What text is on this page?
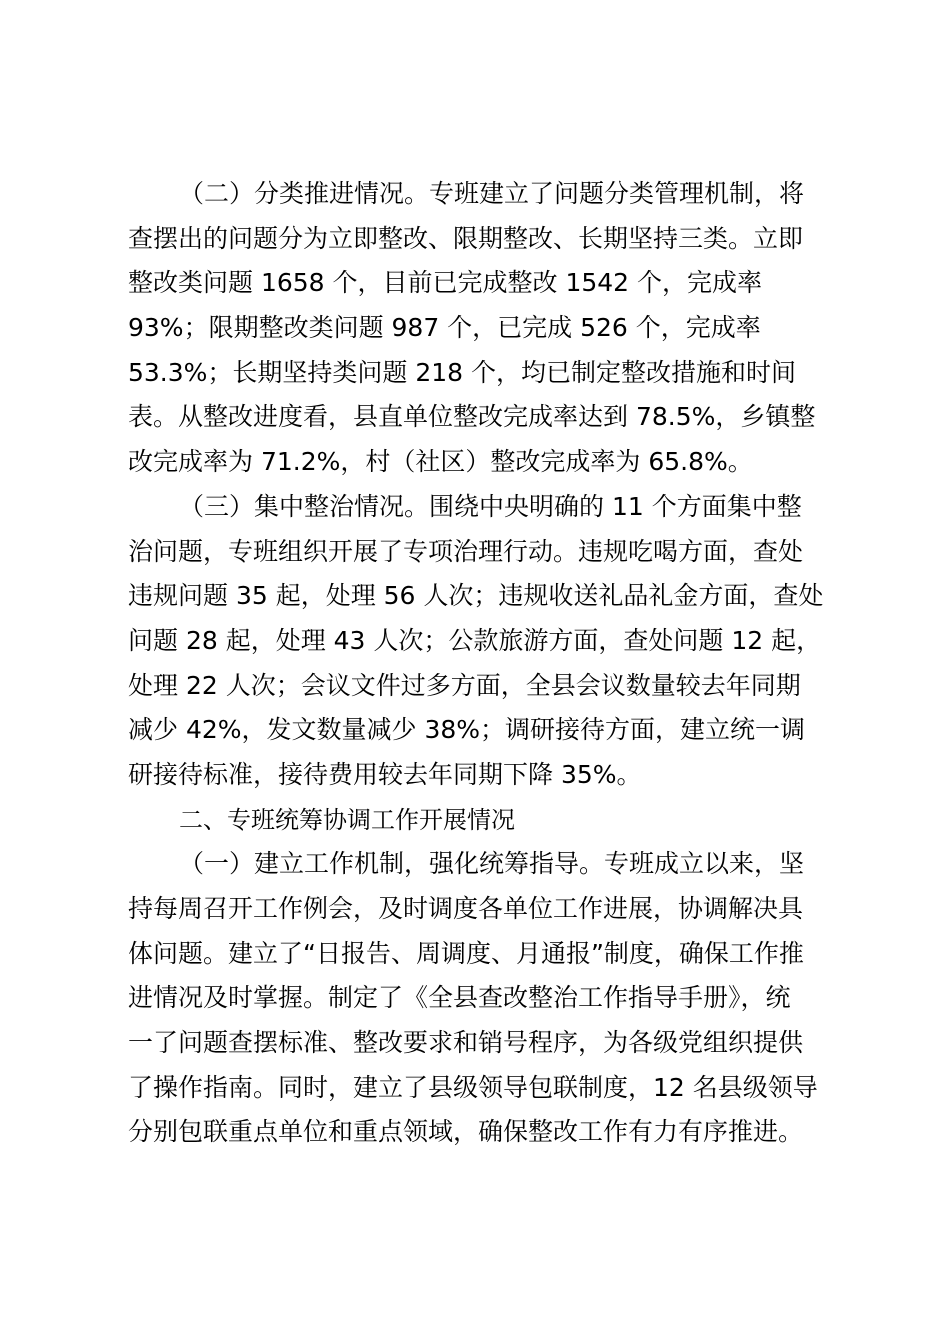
（二）分类推进情况。专班建立了问题分类管理机制，将
查摆出的问题分为立即整改、限期整改、长期坚持三类。立即
整改类问题 1658 个，目前已完成整改 1542 个，完成率
93%；限期整改类问题 987 个，已完成 526 个，完成率
53.3%；长期坚持类问题 218 个，均已制定整改措施和时间
表。从整改进度看，县直单位整改完成率达到 78.5%，乡镇整
改完成率为 71.2%，村（社区）整改完成率为 65.8%。
（三）集中整治情况。围绕中央明确的 11 个方面集中整
治问题，专班组织开展了专项治理行动。违规吃喝方面，查处
违规问题 35 起，处理 56 人次；违规收送礼品礼金方面，查处
问题 28 起，处理 43 人次；公款旅游方面，查处问题 12 起，
处理 22 人次；会议文件过多方面，全县会议数量较去年同期
减少 42%，发文数量减少 38%；调研接待方面，建立统一调
研接待标准，接待费用较去年同期下降 35%。
二、专班统筹协调工作开展情况
（一）建立工作机制，强化统筹指导。专班成立以来，坚
持每周召开工作例会，及时调度各单位工作进展，协调解决具
体问题。建立了“日报告、周调度、月通报”制度，确保工作推
进情况及时掌握。制定了《全县查改整治工作指导手册》，统
一了问题查摆标准、整改要求和销号程序，为各级党组织提供
了操作指南。同时，建立了县级领导包联制度，12 名县级领导
分别包联重点单位和重点领域，确保整改工作有力有序推进。
